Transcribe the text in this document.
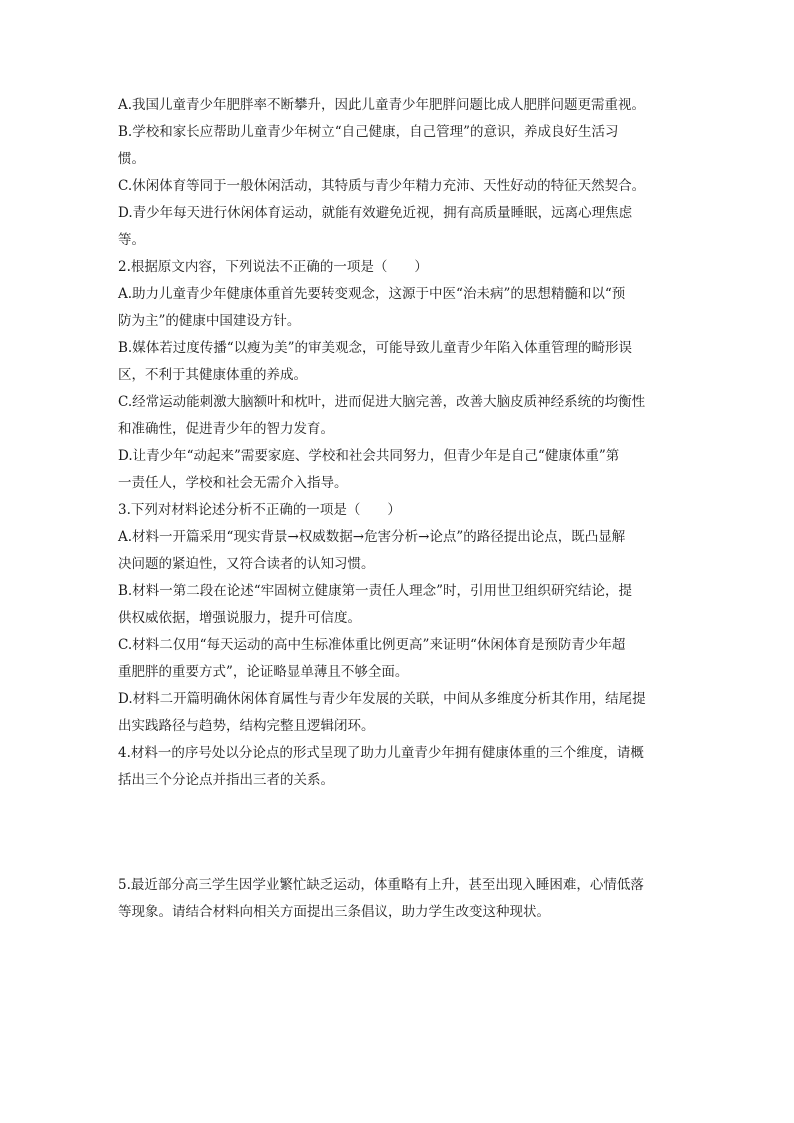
A.我国儿童青少年肥胖率不断攀升，因此儿童青少年肥胖问题比成人肥胖问题更需重视。
B.学校和家长应帮助儿童青少年树立“自己健康，自己管理”的意识，养成良好生活习
惯。
C.休闲体育等同于一般休闲活动，其特质与青少年精力充沛、天性好动的特征天然契合。
D.青少年每天进行休闲体育运动，就能有效避免近视，拥有高质量睡眠，远离心理焦虑
等。
2.根据原文内容，下列说法不正确的一项是（　　）
A.助力儿童青少年健康体重首先要转变观念，这源于中医“治未病”的思想精髓和以“预
防为主”的健康中国建设方针。
B.媒体若过度传播“以瘦为美”的审美观念，可能导致儿童青少年陷入体重管理的畸形误
区，不利于其健康体重的养成。
C.经常运动能刺激大脑额叶和枕叶，进而促进大脑完善，改善大脑皮质神经系统的均衡性
和准确性，促进青少年的智力发育。
D.让青少年“动起来”需要家庭、学校和社会共同努力，但青少年是自己“健康体重”第
一责任人，学校和社会无需介入指导。
3.下列对材料论述分析不正确的一项是（　　）
A.材料一开篇采用“现实背景→权威数据→危害分析→论点”的路径提出论点，既凸显解
决问题的紧迫性，又符合读者的认知习惯。
B.材料一第二段在论述“牢固树立健康第一责任人理念”时，引用世卫组织研究结论，提
供权威依据，增强说服力，提升可信度。
C.材料二仅用“每天运动的高中生标准体重比例更高”来证明“休闲体育是预防青少年超
重肥胖的重要方式”，论证略显单薄且不够全面。
D.材料二开篇明确休闲体育属性与青少年发展的关联，中间从多维度分析其作用，结尾提
出实践路径与趋势，结构完整且逻辑闭环。
4.材料一的序号处以分论点的形式呈现了助力儿童青少年拥有健康体重的三个维度，请概
括出三个分论点并指出三者的关系。
5.最近部分高三学生因学业繁忙缺乏运动，体重略有上升，甚至出现入睡困难，心情低落
等现象。请结合材料向相关方面提出三条倡议，助力学生改变这种现状。
